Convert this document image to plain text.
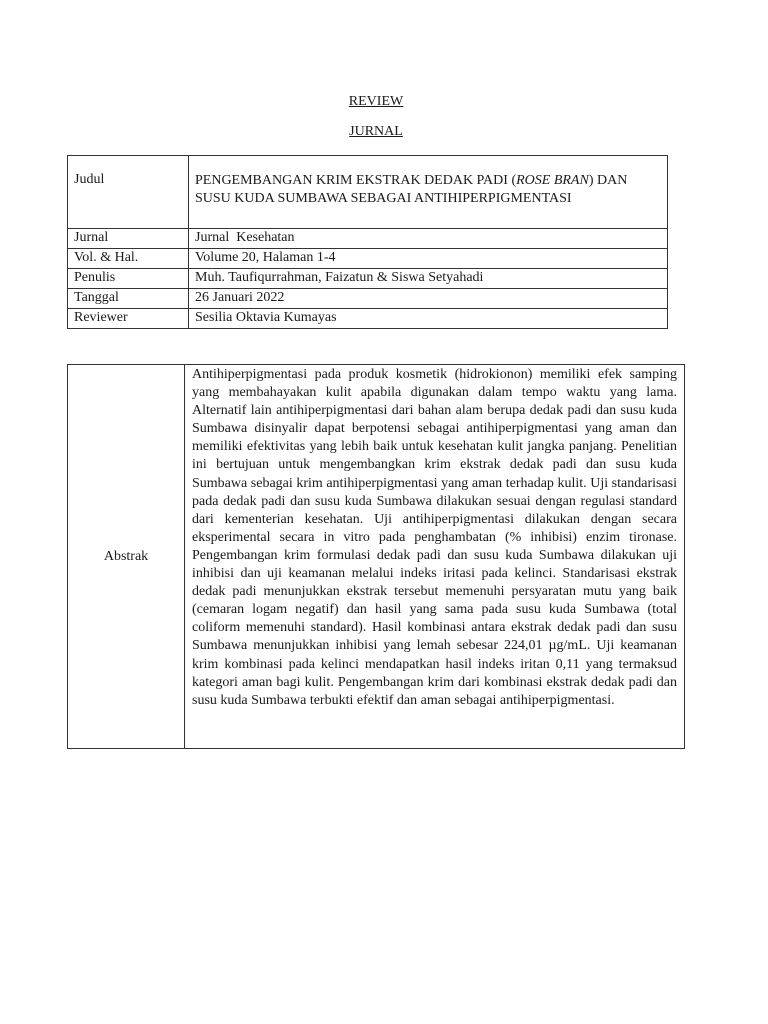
REVIEW
JURNAL
Judul	PENGEMBANGAN KRIM EKSTRAK DEDAK PADI (ROSE BRAN) DAN SUSU KUDA SUMBAWA SEBAGAI ANTIHIPERPIGMENTASI
Jurnal	Jurnal  Kesehatan
Vol. & Hal.	Volume 20, Halaman 1-4
Penulis	Muh. Taufiqurrahman, Faizatun & Siswa Setyahadi
Tanggal	26 Januari 2022
Reviewer	Sesilia Oktavia Kumayas
Abstrak	Antihiperpigmentasi pada produk kosmetik (hidrokionon) memiliki efek samping yang membahayakan kulit apabila digunakan dalam tempo waktu yang lama. Alternatif lain antihiperpigmentasi dari bahan alam berupa dedak padi dan susu kuda Sumbawa disinyalir dapat berpotensi sebagai antihiperpigmentasi yang aman dan memiliki efektivitas yang lebih baik untuk kesehatan kulit jangka panjang. Penelitian ini bertujuan untuk mengembangkan krim ekstrak dedak padi dan susu kuda Sumbawa sebagai krim antihiperpigmentasi yang aman terhadap kulit. Uji standarisasi pada dedak padi dan susu kuda Sumbawa dilakukan sesuai dengan regulasi standard dari kementerian kesehatan. Uji antihiperpigmentasi dilakukan dengan secara eksperimental secara in vitro pada penghambatan (% inhibisi) enzim tironase. Pengembangan krim formulasi dedak padi dan susu kuda Sumbawa dilakukan uji inhibisi dan uji keamanan melalui indeks iritasi pada kelinci. Standarisasi ekstrak dedak padi menunjukkan ekstrak tersebut memenuhi persyaratan mutu yang baik (cemaran logam negatif) dan hasil yang sama pada susu kuda Sumbawa (total coliform memenuhi standard). Hasil kombinasi antara ekstrak dedak padi dan susu Sumbawa menunjukkan inhibisi yang lemah sebesar 224,01 µg/mL. Uji keamanan krim kombinasi pada kelinci mendapatkan hasil indeks iritan 0,11 yang termaksud kategori aman bagi kulit. Pengembangan krim dari kombinasi ekstrak dedak padi dan susu kuda Sumbawa terbukti efektif dan aman sebagai antihiperpigmentasi.
